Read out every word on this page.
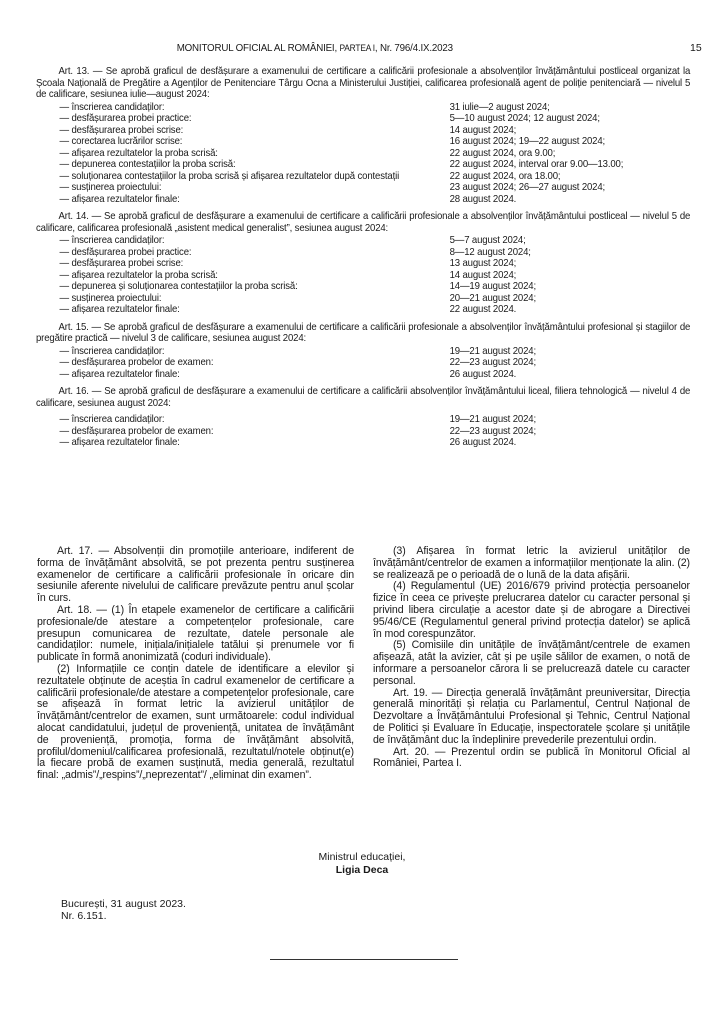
MONITORUL OFICIAL AL ROMÂNIEI, PARTEA I, Nr. 796/4.IX.2023	15

Art. 13. — Se aprobă graficul de desfășurare a examenului de certificare a calificării profesionale a absolvenților învățământului postliceal organizat la Școala Națională de Pregătire a Agenților de Penitenciare Târgu Ocna a Ministerului Justiției, calificarea profesională agent de poliție penitenciară — nivelul 5 de calificare, sesiunea iulie—august 2024:

— înscrierea candidaților:	31 iulie—2 august 2024;
— desfășurarea probei practice:	5—10 august 2024; 12 august 2024;
— desfășurarea probei scrise:	14 august 2024;
— corectarea lucrărilor scrise:	16 august 2024; 19—22 august 2024;
— afișarea rezultatelor la proba scrisă:	22 august 2024, ora 9.00;
— depunerea contestațiilor la proba scrisă:	22 august 2024, interval orar 9.00—13.00;
— soluționarea contestațiilor la proba scrisă și afișarea rezultatelor după contestații	22 august 2024, ora 18.00;
— susținerea proiectului:	23 august 2024; 26—27 august 2024;
— afișarea rezultatelor finale:	28 august 2024.

Art. 14. — Se aprobă graficul de desfășurare a examenului de certificare a calificării profesionale a absolvenților învățământului postliceal — nivelul 5 de calificare, calificarea profesională „asistent medical generalist”, sesiunea august 2024:

— înscrierea candidaților:	5—7 august 2024;
— desfășurarea probei practice:	8—12 august 2024;
— desfășurarea probei scrise:	13 august 2024;
— afișarea rezultatelor la proba scrisă:	14 august 2024;
— depunerea și soluționarea contestațiilor la proba scrisă:	14—19 august 2024;
— susținerea proiectului:	20—21 august 2024;
— afișarea rezultatelor finale:	22 august 2024.

Art. 15. — Se aprobă graficul de desfășurare a examenului de certificare a calificării profesionale a absolvenților învățământului profesional și stagiilor de pregătire practică — nivelul 3 de calificare, sesiunea august 2024:

— înscrierea candidaților:	19—21 august 2024;
— desfășurarea probelor de examen:	22—23 august 2024;
— afișarea rezultatelor finale:	26 august 2024.

Art. 16. — Se aprobă graficul de desfășurare a examenului de certificare a calificării absolvenților învățământului liceal, filiera tehnologică — nivelul 4 de calificare, sesiunea august 2024:

— înscrierea candidaților:	19—21 august 2024;
— desfășurarea probelor de examen:	22—23 august 2024;
— afișarea rezultatelor finale:	26 august 2024.

Art. 17. — Absolvenții din promoțiile anterioare, indiferent de forma de învățământ absolvită, se pot prezenta pentru susținerea examenelor de certificare a calificării profesionale în oricare din sesiunile aferente nivelului de calificare prevăzute pentru anul școlar în curs.

Art. 18. — (1) În etapele examenelor de certificare a calificării profesionale/de atestare a competențelor profesionale, care presupun comunicarea de rezultate, datele personale ale candidaților: numele, inițiala/inițialele tatălui și prenumele vor fi publicate în formă anonimizată (coduri individuale).

(2) Informațiile ce conțin datele de identificare a elevilor și rezultatele obținute de aceștia în cadrul examenelor de certificare a calificării profesionale/de atestare a competențelor profesionale, care se afișează în format letric la avizierul unităților de învățământ/centrelor de examen, sunt următoarele: codul individual alocat candidatului, județul de proveniență, unitatea de învățământ de proveniență, promoția, forma de învățământ absolvită, profilul/domeniul/calificarea profesională, rezultatul/notele obținut(e) la fiecare probă de examen susținută, media generală, rezultatul final: „admis”/„respins”/„neprezentat”/ „eliminat din examen”.

(3) Afișarea în format letric la avizierul unităților de învățământ/centrelor de examen a informațiilor menționate la alin. (2) se realizează pe o perioadă de o lună de la data afișării.

(4) Regulamentul (UE) 2016/679 privind protecția persoanelor fizice în ceea ce privește prelucrarea datelor cu caracter personal și privind libera circulație a acestor date și de abrogare a Directivei 95/46/CE (Regulamentul general privind protecția datelor) se aplică în mod corespunzător.

(5) Comisiile din unitățile de învățământ/centrele de examen afișează, atât la avizier, cât și pe ușile sălilor de examen, o notă de informare a persoanelor cărora li se prelucrează datele cu caracter personal.

Art. 19. — Direcția generală învățământ preuniversitar, Direcția generală minorități și relația cu Parlamentul, Centrul Național de Dezvoltare a Învățământului Profesional și Tehnic, Centrul Național de Politici și Evaluare în Educație, inspectoratele școlare și unitățile de învățământ duc la îndeplinire prevederile prezentului ordin.

Art. 20. — Prezentul ordin se publică în Monitorul Oficial al României, Partea I.

Ministrul educației,
Ligia Deca
București, 31 august 2023.
Nr. 6.151.
